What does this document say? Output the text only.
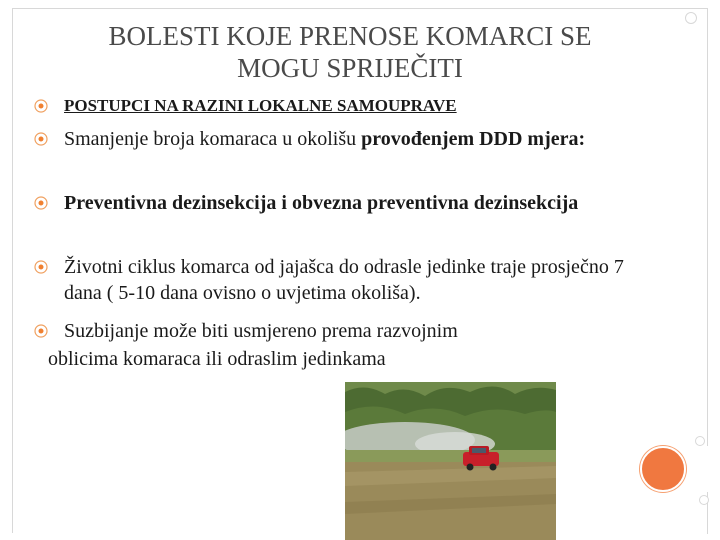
BOLESTI KOJE PRENOSE KOMARCI SE
MOGU SPRIJEČITI
POSTUPCI NA RAZINI LOKALNE SAMOUPRAVE
Smanjenje broja komaraca u okolišu provođenjem DDD mjera:
Preventivna dezinsekcija i obvezna preventivna dezinsekcija
Životni ciklus komarca od jajašca do odrasle jedinke traje prosječno 7 dana ( 5-10 dana ovisno o uvjetima okoliša).
Suzbijanje može biti usmjereno prema razvojnim
oblicima komaraca ili odraslim jedinkama
